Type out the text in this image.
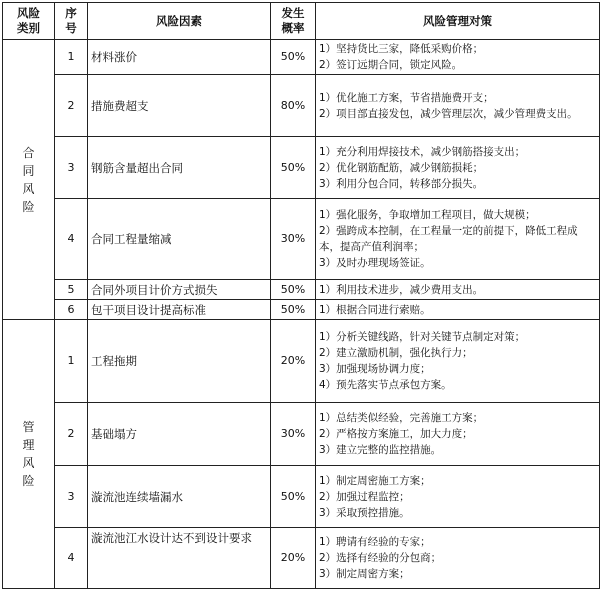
风险类别	序号	风险因素	发生概率	风险管理对策
合同风险	1	材料涨价	50%	1）坚持货比三家，降低采购价格；
2）签订远期合同，锁定风险。

	2	措施费超支	80%	1）优化施工方案，节省措施费开支；
2）项目部直接发包，减少管理层次，减少管理费支出。

	3	钢筋含量超出合同	50%	1）充分利用焊接技术，减少钢筋搭接支出；
2）优化钢筋配筋，减少钢筋损耗；
3）利用分包合同，转移部分损失。

	4	合同工程量缩减	30%	1）强化服务，争取增加工程项目，做大规模；
2）强跨成本控制，在工程量一定的前提下，降低工程成本，提高产值利润率；
3）及时办理现场签证。

	5	合同外项目计价方式损失	50%	1）利用技术进步，减少费用支出。

	6	包干项目设计提高标准	50%	1）根据合同进行索赔。

管理风险	1	工程拖期	20%	1）分析关键线路，针对关键节点制定对策；
2）建立激励机制，强化执行力；
3）加强现场协调力度；
4）预先落实节点承包方案。

	2	基础塌方	30%	1）总结类似经验，完善施工方案；
2）严格按方案施工，加大力度；
3）建立完整的监控措施。

	3	漩流池连续墙漏水	50%	1）制定周密施工方案；
2）加强过程监控；
3）采取预控措施。

	4	漩流池江水设计达不到设计要求	20%	1）聘请有经验的专家；
2）选择有经验的分包商；
3）制定周密方案；
